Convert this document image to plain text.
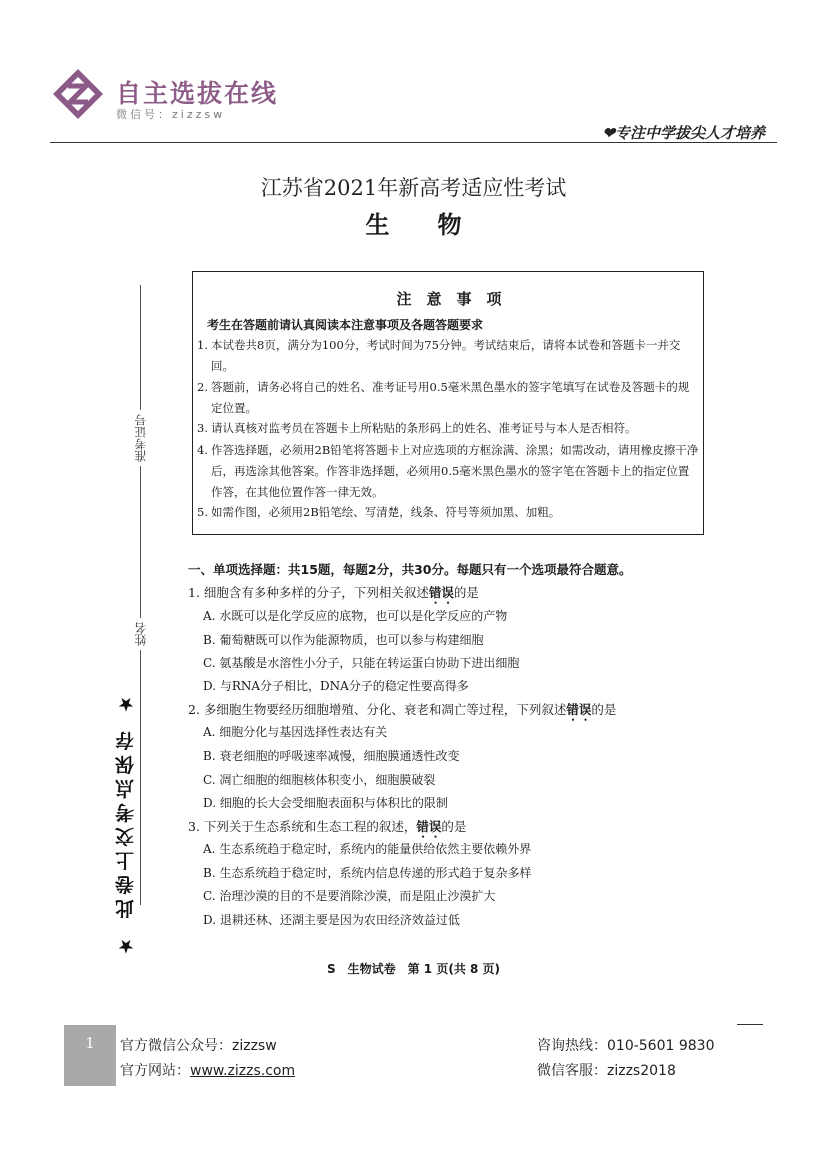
自主选拔在线
微信号：zizzsw
❤专注中学拔尖人才培养
江苏省2021年新高考适应性考试
生　　物
准考证号
姓名
★ 此卷上交考点保存 ★
注　意　事　项
考生在答题前请认真阅读本注意事项及各题答题要求
1. 本试卷共8页，满分为100分，考试时间为75分钟。考试结束后，请将本试卷和答题卡一并交回。
2. 答题前，请务必将自己的姓名、准考证号用0.5毫米黑色墨水的签字笔填写在试卷及答题卡的规定位置。
3. 请认真核对监考员在答题卡上所粘贴的条形码上的姓名、准考证号与本人是否相符。
4. 作答选择题，必须用2B铅笔将答题卡上对应选项的方框涂满、涂黑；如需改动，请用橡皮擦干净后，再选涂其他答案。作答非选择题，必须用0.5毫米黑色墨水的签字笔在答题卡上的指定位置作答，在其他位置作答一律无效。
5. 如需作图，必须用2B铅笔绘、写清楚，线条、符号等须加黑、加粗。
一、单项选择题：共15题，每题2分，共30分。每题只有一个选项最符合题意。
1. 细胞含有多种多样的分子，下列相关叙述错误的是
A. 水既可以是化学反应的底物，也可以是化学反应的产物
B. 葡萄糖既可以作为能源物质，也可以参与构建细胞
C. 氨基酸是水溶性小分子，只能在转运蛋白协助下进出细胞
D. 与RNA分子相比，DNA分子的稳定性要高得多
2. 多细胞生物要经历细胞增殖、分化、衰老和凋亡等过程，下列叙述错误的是
A. 细胞分化与基因选择性表达有关
B. 衰老细胞的呼吸速率减慢，细胞膜通透性改变
C. 凋亡细胞的细胞核体积变小，细胞膜破裂
D. 细胞的长大会受细胞表面积与体积比的限制
3. 下列关于生态系统和生态工程的叙述，错误的是
A. 生态系统趋于稳定时，系统内的能量供给依然主要依赖外界
B. 生态系统趋于稳定时，系统内信息传递的形式趋于复杂多样
C. 治理沙漠的目的不是要消除沙漠，而是阻止沙漠扩大
D. 退耕还林、还湖主要是因为农田经济效益过低
S　生物试卷　第 1 页(共 8 页)
1	官方微信公众号：zizzsw
官方网站：www.zizzs.com
咨询热线：010-5601 9830
微信客服：zizzs2018
